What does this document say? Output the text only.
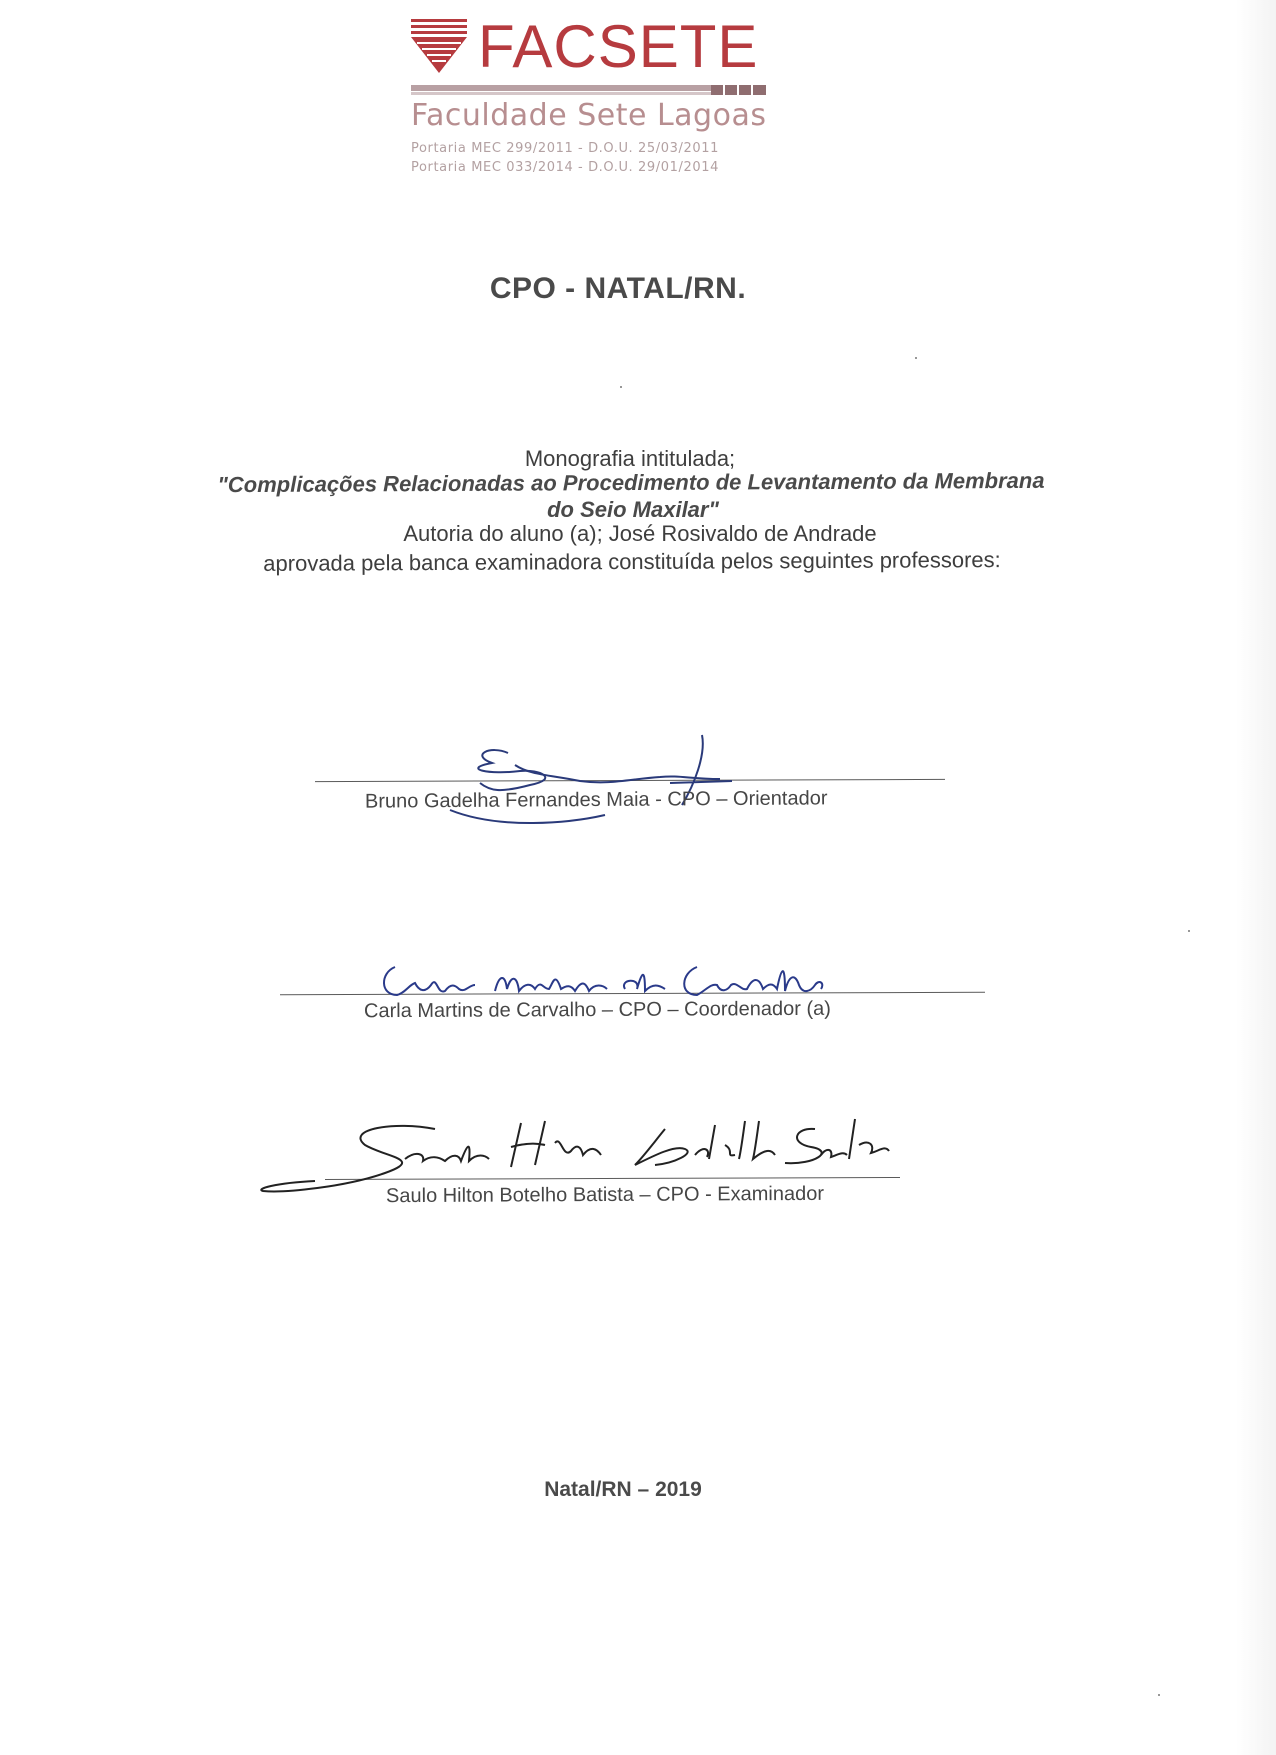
FACSETE
Faculdade Sete Lagoas
Portaria MEC 299/2011 - D.O.U. 25/03/2011
Portaria MEC 033/2014 - D.O.U. 29/01/2014
CPO - NATAL/RN.
Monografia intitulada;
"Complicações Relacionadas ao Procedimento de Levantamento da Membrana
do Seio Maxilar"
Autoria do aluno (a); José Rosivaldo de Andrade
aprovada pela banca examinadora constituída pelos seguintes professores:
Bruno Gadelha Fernandes Maia - CPO – Orientador
Carla Martins de Carvalho – CPO – Coordenador (a)
Saulo Hilton Botelho Batista – CPO - Examinador
Natal/RN – 2019
